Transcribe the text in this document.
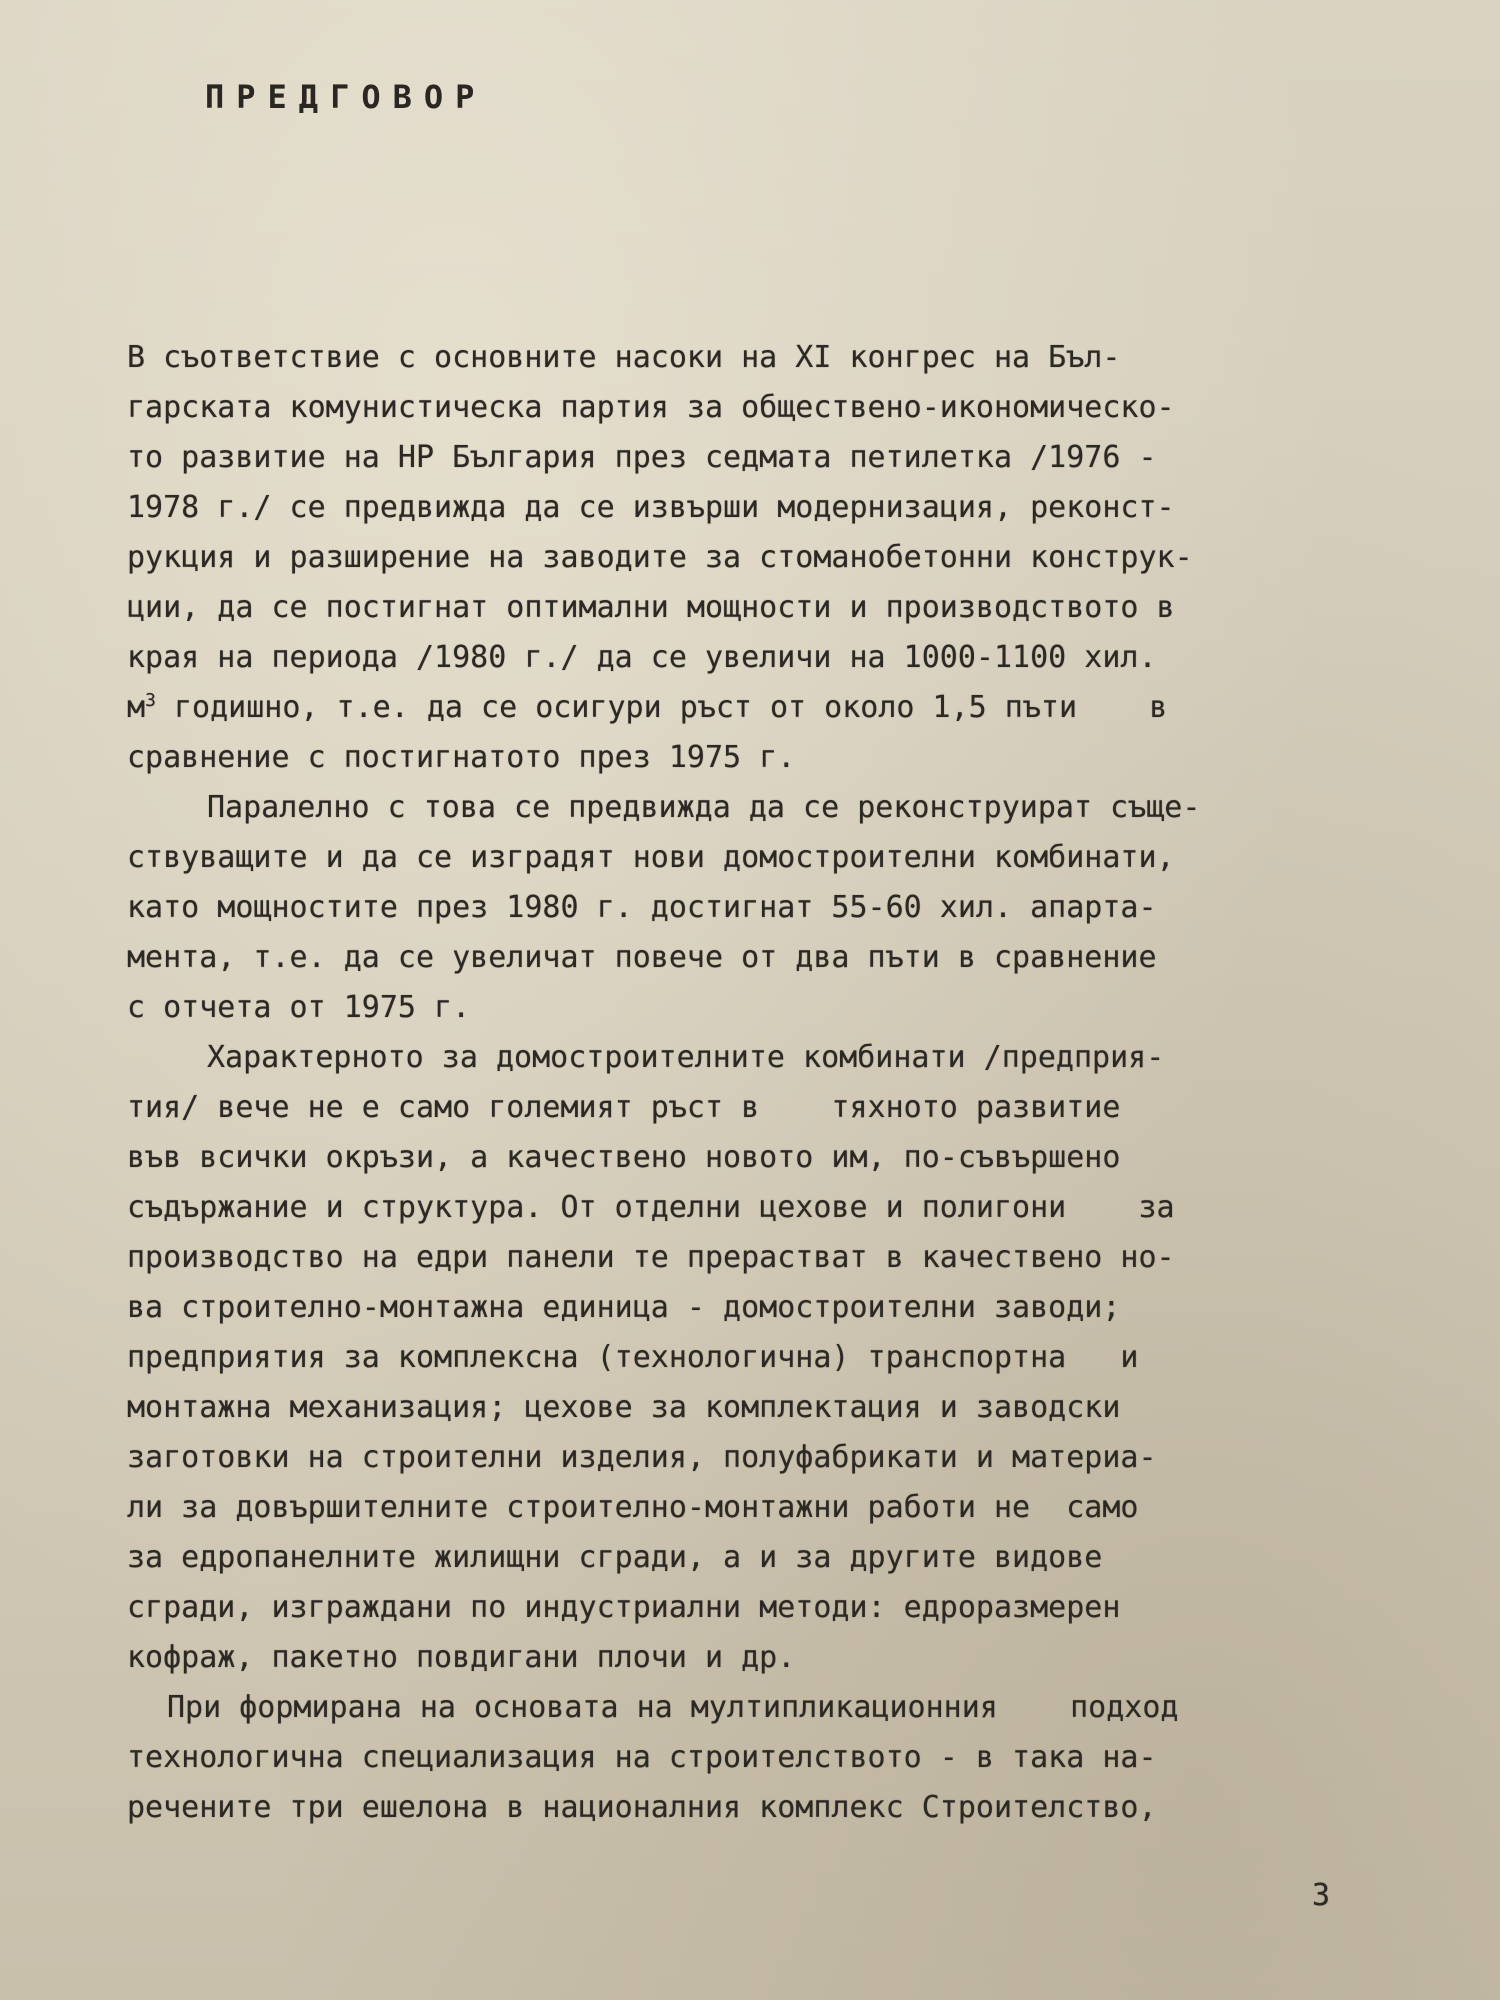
ПРЕДГОВОР
В съответствие с основните насоки на XI конгрес на Бъл-
гарската комунистическа партия за обществено-икономическо-
то развитие на НР България през седмата петилетка /1976 -
1978 г./ се предвижда да се извърши модернизация, реконст-
рукция и разширение на заводите за стоманобетонни конструк-
ции, да се постигнат оптимални мощности и производството в
края на периода /1980 г./ да се увеличи на 1000-1100 хил.
$м^3$ годишно, т.е. да се осигури ръст от около 1,5 пъти    в
сравнение с постигнатото през 1975 г.
Паралелно с това се предвижда да се реконструират съще-
ствуващите и да се изградят нови домостроителни комбинати,
като мощностите през 1980 г. достигнат 55-60 хил. апарта-
мента, т.е. да се увеличат повече от два пъти в сравнение
с отчета от 1975 г.
Характерното за домостроителните комбинати /предприя-
тия/ вече не е само големият ръст в    тяхното развитие
във всички окръзи, а качествено новото им, по-съвършено
съдържание и структура. От отделни цехове и полигони    за
производство на едри панели те прерастват в качествено но-
ва строително-монтажна единица - домостроителни заводи;
предприятия за комплексна (технологична) транспортна   и
монтажна механизация; цехове за комплектация и заводски
заготовки на строителни изделия, полуфабрикати и материа-
ли за довършителните строително-монтажни работи не  само
за едропанелните жилищни сгради, а и за другите видове
сгради, изграждани по индустриални методи: едроразмерен
кофраж, пакетно повдигани плочи и др.
При формирана на основата на мултипликационния    подход
технологична специализация на строителството - в така на-
речените три ешелона в националния комплекс Строителство,
3
